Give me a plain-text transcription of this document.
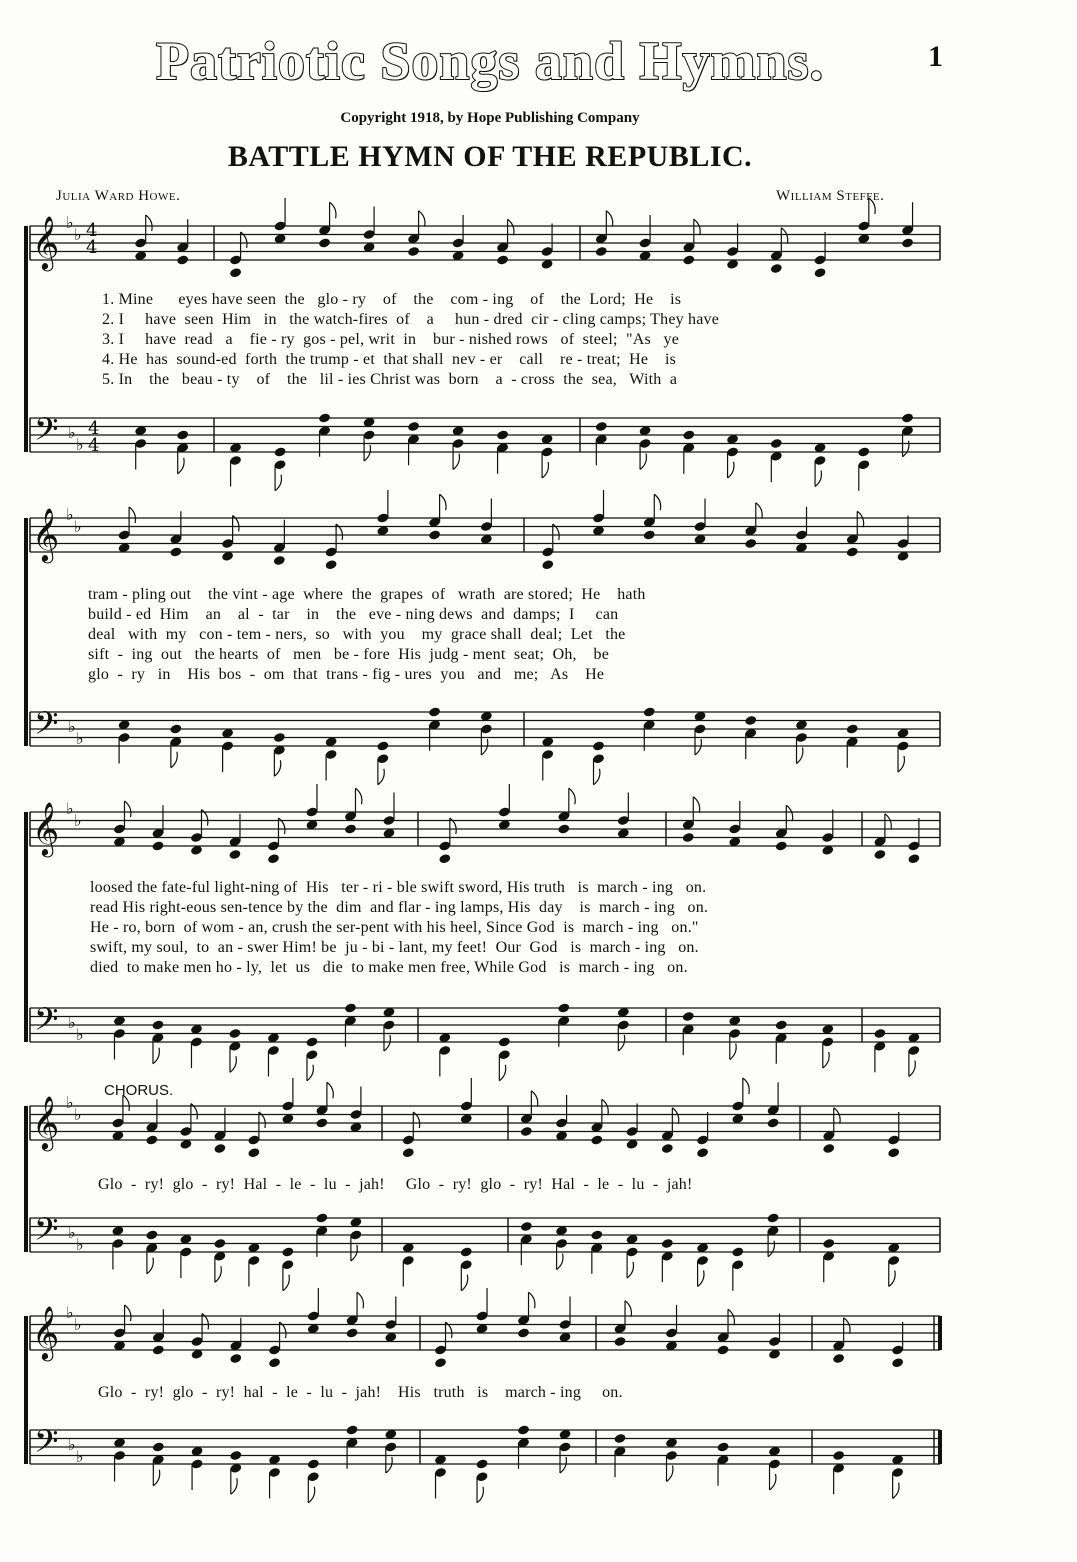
Patriotic Songs and Hymns.	1
Copyright 1918, by Hope Publishing Company
BATTLE HYMN OF THE REPUBLIC.
Julia Ward Howe.	William Steffe.
𝄞 ♭
♭ 4
4
𝄢 ♭
♭
4
4
𝄞 ♭
♭
𝄢 ♭
♭
𝄞 ♭
♭
𝄢 ♭
♭
𝄞 ♭
♭
𝄢 ♭
♭
𝄞 ♭
♭
𝄢 ♭
♭
1. Mine      eyes have seen  the   glo - ry    of    the    com - ing    of    the  Lord;  He    is
2. I     have  seen  Him   in   the watch-fires  of    a     hun - dred  cir - cling camps; They have
3. I     have  read   a    fie - ry  gos - pel, writ  in    bur - nished rows   of  steel;  "As   ye
4. He  has  sound-ed  forth  the trump - et  that shall  nev - er    call    re - treat;  He    is
5. In    the   beau - ty    of    the   lil - ies Christ was  born    a  - cross  the  sea,   With  a
tram - pling out    the vint - age  where  the  grapes  of   wrath  are stored;  He    hath
build - ed  Him    an    al  -  tar    in    the   eve - ning dews  and  damps;  I     can
deal   with  my   con - tem - ners,  so   with  you    my  grace shall  deal;  Let   the
sift  -  ing  out   the hearts  of   men   be - fore  His  judg - ment  seat;  Oh,    be
glo  -  ry   in    His  bos  -  om  that  trans - fig - ures  you   and   me;   As    He
loosed the fate-ful light-ning of  His   ter - ri - ble swift sword, His truth   is  march - ing   on.
read His right-eous sen-tence by the  dim  and flar - ing lamps, His  day    is  march - ing   on.
He - ro, born  of wom - an, crush the ser-pent with his heel, Since God  is  march - ing   on."
swift, my soul,  to  an - swer Him! be  ju - bi - lant, my feet!  Our  God   is  march - ing   on.
died  to make men ho - ly,  let  us   die  to make men free, While God   is  march - ing   on.
CHORUS.
Glo  -  ry!  glo  -  ry!  Hal  -  le  -  lu  -  jah!     Glo  -  ry!  glo  -  ry!  Hal  -  le  -  lu  -  jah!
Glo  -  ry!  glo  -  ry!  hal  -  le  -  lu  -  jah!    His   truth   is    march - ing     on.
